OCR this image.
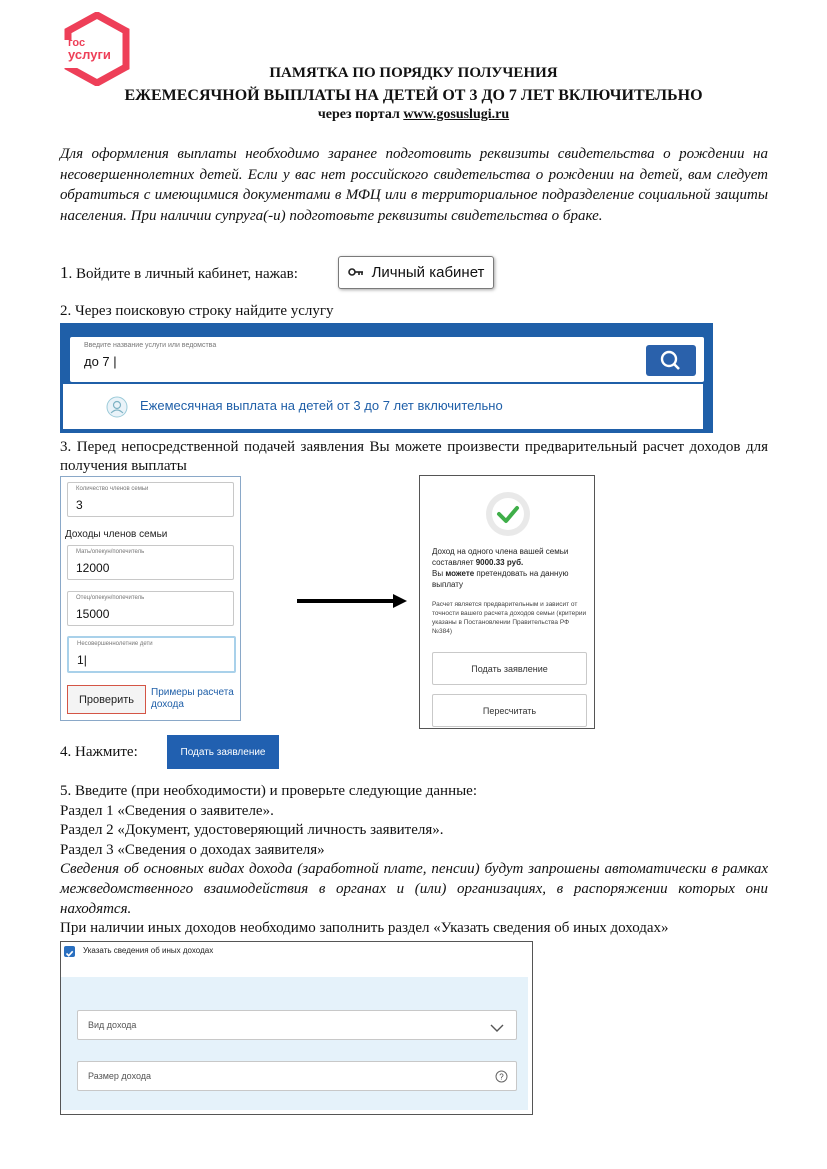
гос
услуги
ПАМЯТКА ПО ПОРЯДКУ ПОЛУЧЕНИЯ
ЕЖЕМЕСЯЧНОЙ ВЫПЛАТЫ НА ДЕТЕЙ ОТ 3 ДО 7 ЛЕТ ВКЛЮЧИТЕЛЬНО
через портал www.gosuslugi.ru
Для оформления выплаты необходимо заранее подготовить реквизиты свидетельства о рождении на несовершеннолетних детей. Если у вас нет российского свидетельства о рождении на детей, вам следует обратиться с имеющимися документами в МФЦ или в территориальное подразделение социальной защиты населения. При наличии супруга(-и) подготовьте реквизиты свидетельства о браке.
1. Войдите в личный кабинет, нажав:	Личный кабинет
2. Через поисковую строку найдите услугу
Введите название услуги или ведомства
до 7 |
Ежемесячная выплата на детей от 3 до 7 лет включительно
3. Перед непосредственной подачей заявления Вы можете произвести предварительный расчет доходов для получения выплаты
Количество членов семьи
3
Доходы членов семьи
Мать/опекун/попечитель
12000
Отец/опекун/попечитель
15000
Несовершеннолетние дети
1|
Проверить
Примеры расчета
дохода
Доход на одного члена вашей семьи
составляет 9000.33 руб.
Вы можете претендовать на данную выплату
Расчет является предварительным и зависит от точности вашего расчета доходов семьи (критерии указаны в Постановлении Правительства РФ №384)
Подать заявление
Пересчитать
4. Нажмите:	Подать заявление
5. Введите (при необходимости) и проверьте следующие данные:
Раздел 1 «Сведения о заявителе».
Раздел 2 «Документ, удостоверяющий личность заявителя».
Раздел 3 «Сведения о доходах заявителя»
Сведения об основных видах дохода (заработной плате, пенсии) будут запрошены автоматически в рамках межведомственного взаимодействия в органах и (или) организациях, в распоряжении которых они находятся.
При наличии иных доходов необходимо заполнить раздел «Указать сведения об иных доходах»
Указать сведения об иных доходах
Вид дохода
Размер дохода	?
